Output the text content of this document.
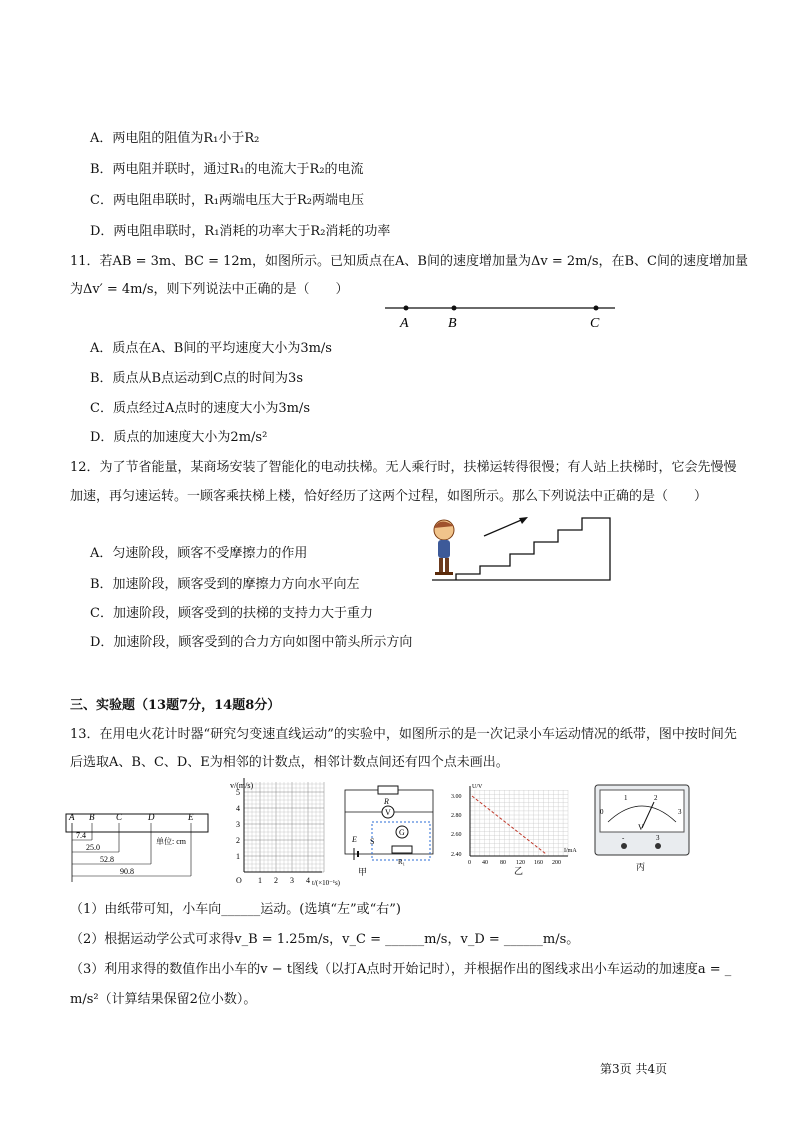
A．两电阻的阻值为R₁小于R₂
B．两电阻并联时，通过R₁的电流大于R₂的电流
C．两电阻串联时，R₁两端电压大于R₂两端电压
D．两电阻串联时，R₁消耗的功率大于R₂消耗的功率
11．若AB = 3m、BC = 12m，如图所示。已知质点在A、B间的速度增加量为Δv = 2m/s，在B、C间的速度增加量
为Δv′ = 4m/s，则下列说法中正确的是（　　）
A	B	C
A．质点在A、B间的平均速度大小为3m/s
B．质点从B点运动到C点的时间为3s
C．质点经过A点时的速度大小为3m/s
D．质点的加速度大小为2m/s²
12．为了节省能量，某商场安装了智能化的电动扶梯。无人乘行时，扶梯运转得很慢；有人站上扶梯时，它会先慢慢
加速，再匀速运转。一顾客乘扶梯上楼，恰好经历了这两个过程，如图所示。那么下列说法中正确的是（　　）
A．匀速阶段，顾客不受摩擦力的作用
B．加速阶段，顾客受到的摩擦力方向水平向左
C．加速阶段，顾客受到的扶梯的支持力大于重力
D．加速阶段，顾客受到的合力方向如图中箭头所示方向
三、实验题（13题7分，14题8分）
13．在用电火花计时器“研究匀变速直线运动”的实验中，如图所示的是一次记录小车运动情况的纸带，图中按时间先
后选取A、B、C、D、E为相邻的计数点，相邻计数点间还有四个点未画出。
A B C	D	E
7.4
25.0
52.8
90.8
单位: cm
v/(m/s)
t/(×10⁻¹s)
O
5
4
3
2
1
1 2 3 4
R
V
G
R₁
E S
甲
U/V
I/mA
3.00
2.80
2.60
2.40
0 40 80 120 160 200
乙
0
1	2
3
V
-	3
丙
（1）由纸带可知，小车向______运动。(选填“左”或“右”)
（2）根据运动学公式可求得v_B = 1.25m/s，v_C = ______m/s，v_D = ______m/s。
（3）利用求得的数值作出小车的v − t图线（以打A点时开始记时），并根据作出的图线求出小车运动的加速度a = _
m/s²（计算结果保留2位小数）。
第3页 共4页
